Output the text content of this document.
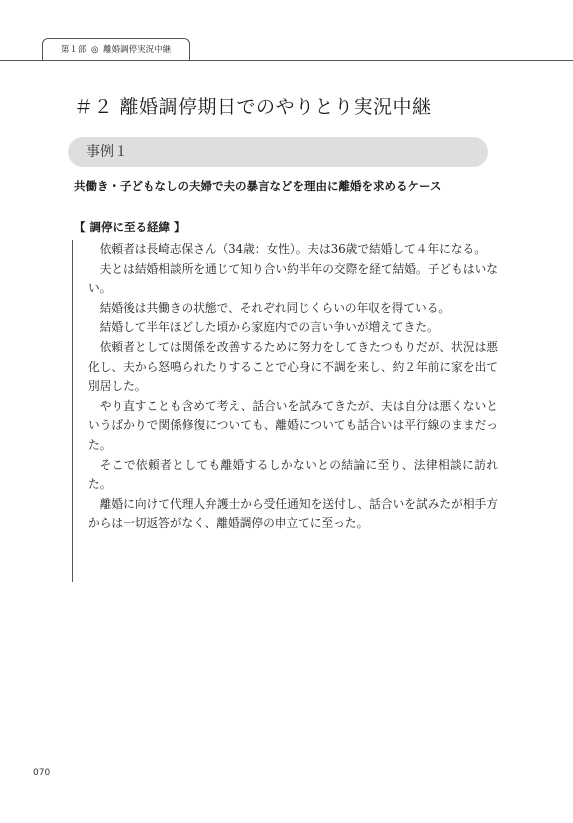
第１部 ◎ 離婚調停実況中継
＃２ 離婚調停期日でのやりとり実況中継
事例１
共働き・子どもなしの夫婦で夫の暴言などを理由に離婚を求めるケース
【 調停に至る経緯 】

依頼者は長崎志保さん（34歳：女性）。夫は36歳で結婚して４年になる。

夫とは結婚相談所を通じて知り合い約半年の交際を経て結婚。子どもはいない。

結婚後は共働きの状態で、それぞれ同じくらいの年収を得ている。

結婚して半年ほどした頃から家庭内での言い争いが増えてきた。

依頼者としては関係を改善するために努力をしてきたつもりだが、状況は悪化し、夫から怒鳴られたりすることで心身に不調を来し、約２年前に家を出て別居した。

やり直すことも含めて考え、話合いを試みてきたが、夫は自分は悪くないというばかりで関係修復についても、離婚についても話合いは平行線のままだった。

そこで依頼者としても離婚するしかないとの結論に至り、法律相談に訪れた。

離婚に向けて代理人弁護士から受任通知を送付し、話合いを試みたが相手方からは一切返答がなく、離婚調停の申立てに至った。

070
